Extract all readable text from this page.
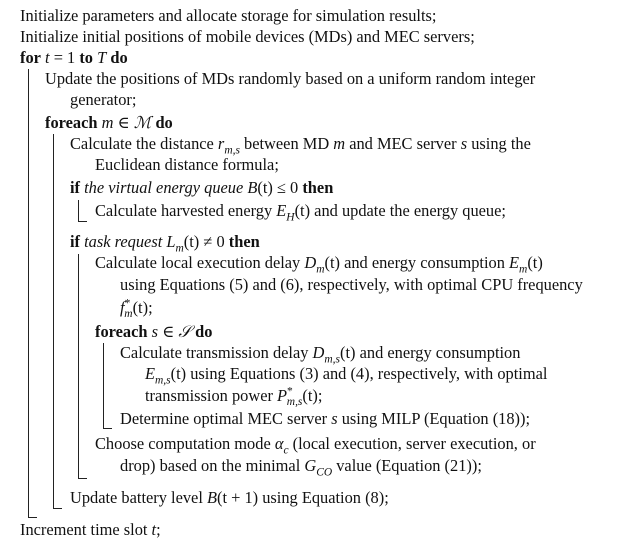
Initialize parameters and allocate storage for simulation results;
Initialize initial positions of mobile devices (MDs) and MEC servers;
for t = 1 to T do
Update the positions of MDs randomly based on a uniform random integer
generator;
foreach m ∈ ℳ do
Calculate the distance $r_{m,s}$ between MD m and MEC server s using the
Euclidean distance formula;
if the virtual energy queue B(t) ≤ 0 then
Calculate harvested energy $E_H(t)$ and update the energy queue;
if task request $L_m(t) \ne 0$ then
Calculate local execution delay $D_m(t)$ and energy consumption $E_m(t)$
using Equations (5) and (6), respectively, with optimal CPU frequency
$f^*_m(t)$;
foreach s ∈ 𝒮 do
Calculate transmission delay $D_{m,s}(t)$ and energy consumption
$E_{m,s}(t)$ using Equations (3) and (4), respectively, with optimal
transmission power $P^*_{m,s}(t)$;
Determine optimal MEC server s using MILP (Equation (18));
Choose computation mode $\alpha_c$ (local execution, server execution, or
drop) based on the minimal $G_{CO}$ value (Equation (21));
Update battery level B(t + 1) using Equation (8);
Increment time slot t;
